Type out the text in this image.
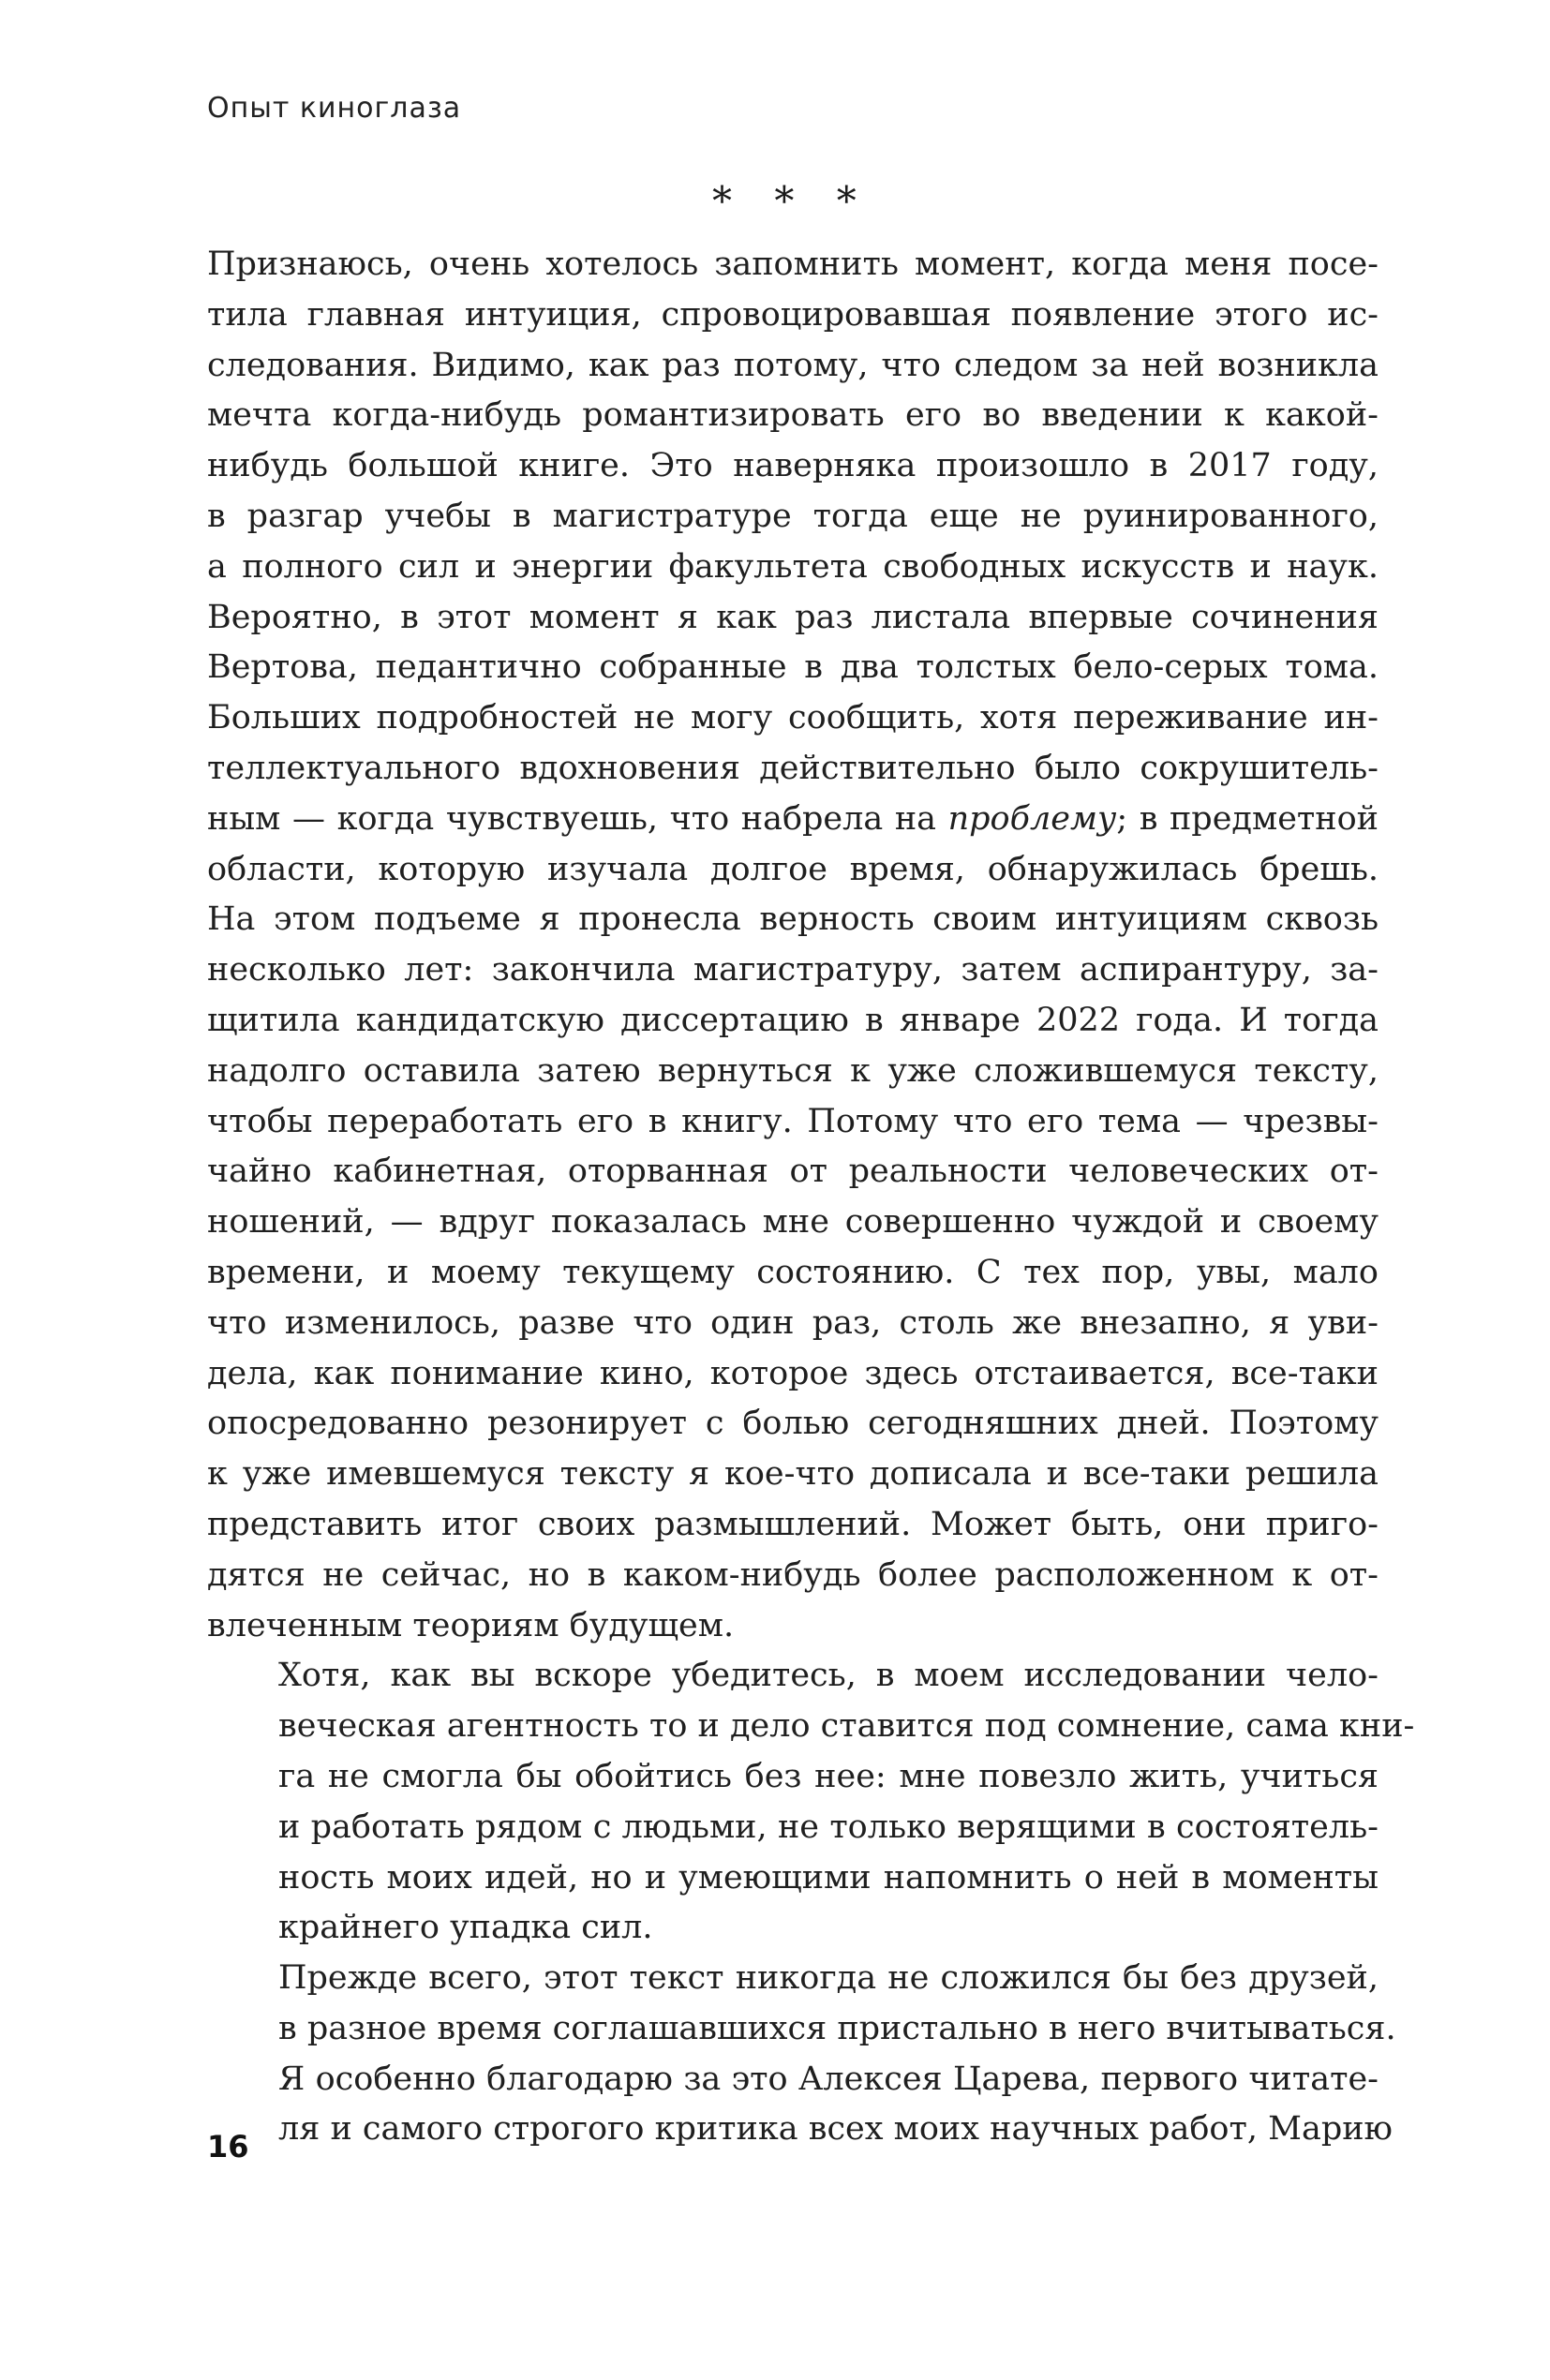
Опыт киноглаза
* * *

Признаюсь, очень хотелось запомнить момент, когда меня посе-
тила главная интуиция, спровоцировавшая появление этого ис-
следования. Видимо, как раз потому, что следом за ней возникла
мечта когда-нибудь романтизировать его во введении к какой-
нибудь большой книге. Это наверняка произошло в 2017 году,
в разгар учебы в магистратуре тогда еще не руинированного,
а полного сил и энергии факультета свободных искусств и наук.
Вероятно, в этот момент я как раз листала впервые сочинения
Вертова, педантично собранные в два толстых бело-серых тома.
Больших подробностей не могу сообщить, хотя переживание ин-
теллектуального вдохновения действительно было сокрушитель-
ным — когда чувствуешь, что набрела на проблему; в предметной
области, которую изучала долгое время, обнаружилась брешь.
На этом подъеме я пронесла верность своим интуициям сквозь
несколько лет: закончила магистратуру, затем аспирантуру, за-
щитила кандидатскую диссертацию в январе 2022 года. И тогда
надолго оставила затею вернуться к уже сложившемуся тексту,
чтобы переработать его в книгу. Потому что его тема — чрезвы-
чайно кабинетная, оторванная от реальности человеческих от-
ношений, — вдруг показалась мне совершенно чуждой и своему
времени, и моему текущему состоянию. С тех пор, увы, мало
что изменилось, разве что один раз, столь же внезапно, я уви-
дела, как понимание кино, которое здесь отстаивается, все-таки
опосредованно резонирует с болью сегодняшних дней. Поэтому
к уже имевшемуся тексту я кое-что дописала и все-таки решила
представить итог своих размышлений. Может быть, они приго-
дятся не сейчас, но в каком-нибудь более расположенном к от-
влеченным теориям будущем.

Хотя, как вы вскоре убедитесь, в моем исследовании чело-
веческая агентность то и дело ставится под сомнение, сама кни-
га не смогла бы обойтись без нее: мне повезло жить, учиться
и работать рядом с людьми, не только верящими в состоятель-
ность моих идей, но и умеющими напомнить о ней в моменты
крайнего упадка сил.

Прежде всего, этот текст никогда не сложился бы без друзей,
в разное время соглашавшихся пристально в него вчитываться.
Я особенно благодарю за это Алексея Царева, первого читате-
ля и самого строгого критика всех моих научных работ, Марию

16
